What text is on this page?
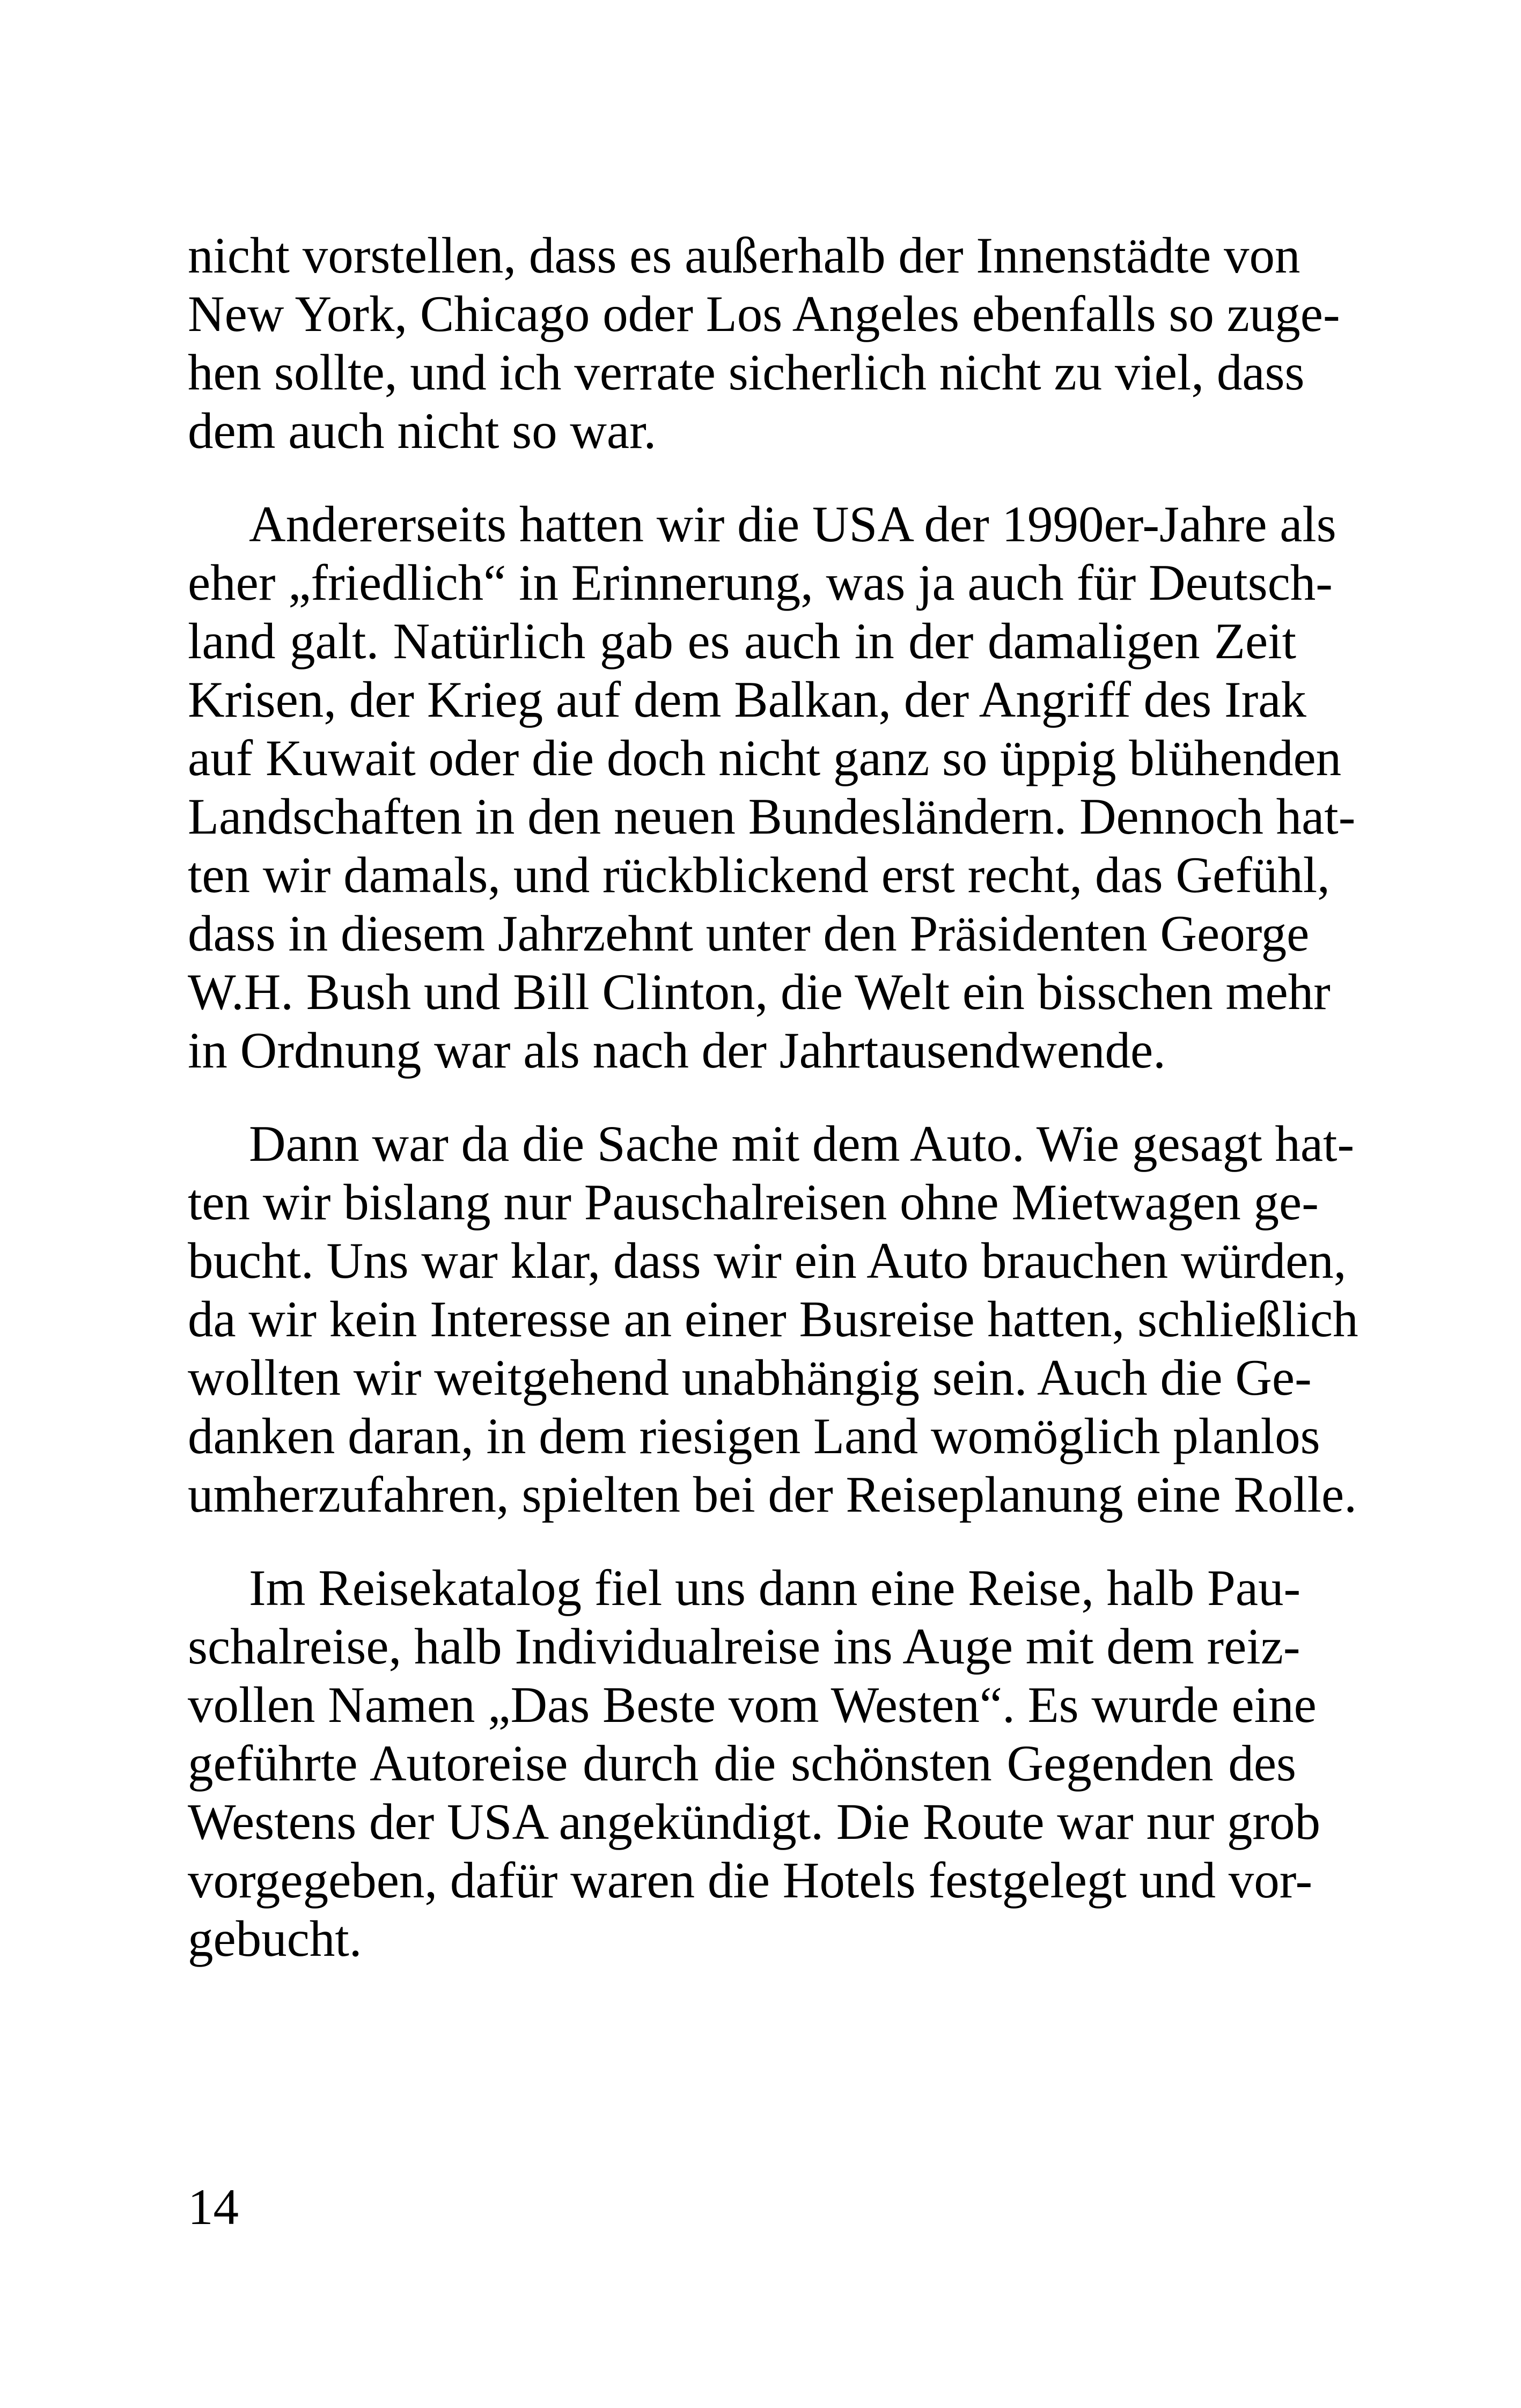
nicht vorstellen, dass es außerhalb der Innenstädte von
New York, Chicago oder Los Angeles ebenfalls so zuge-
hen sollte, und ich verrate sicherlich nicht zu viel, dass
dem auch nicht so war.
Andererseits hatten wir die USA der 1990er-Jahre als
eher „friedlich“ in Erinnerung, was ja auch für Deutsch-
land galt. Natürlich gab es auch in der damaligen Zeit
Krisen, der Krieg auf dem Balkan, der Angriff des Irak
auf Kuwait oder die doch nicht ganz so üppig blühenden
Landschaften in den neuen Bundesländern. Dennoch hat-
ten wir damals, und rückblickend erst recht, das Gefühl,
dass in diesem Jahrzehnt unter den Präsidenten George
W.H. Bush und Bill Clinton, die Welt ein bisschen mehr
in Ordnung war als nach der Jahrtausendwende.
Dann war da die Sache mit dem Auto. Wie gesagt hat-
ten wir bislang nur Pauschalreisen ohne Mietwagen ge-
bucht. Uns war klar, dass wir ein Auto brauchen würden,
da wir kein Interesse an einer Busreise hatten, schließlich
wollten wir weitgehend unabhängig sein. Auch die Ge-
danken daran, in dem riesigen Land womöglich planlos
umherzufahren, spielten bei der Reiseplanung eine Rolle.
Im Reisekatalog fiel uns dann eine Reise, halb Pau-
schalreise, halb Individualreise ins Auge mit dem reiz-
vollen Namen „Das Beste vom Westen“. Es wurde eine
geführte Autoreise durch die schönsten Gegenden des
Westens der USA angekündigt. Die Route war nur grob
vorgegeben, dafür waren die Hotels festgelegt und vor-
gebucht.
14
